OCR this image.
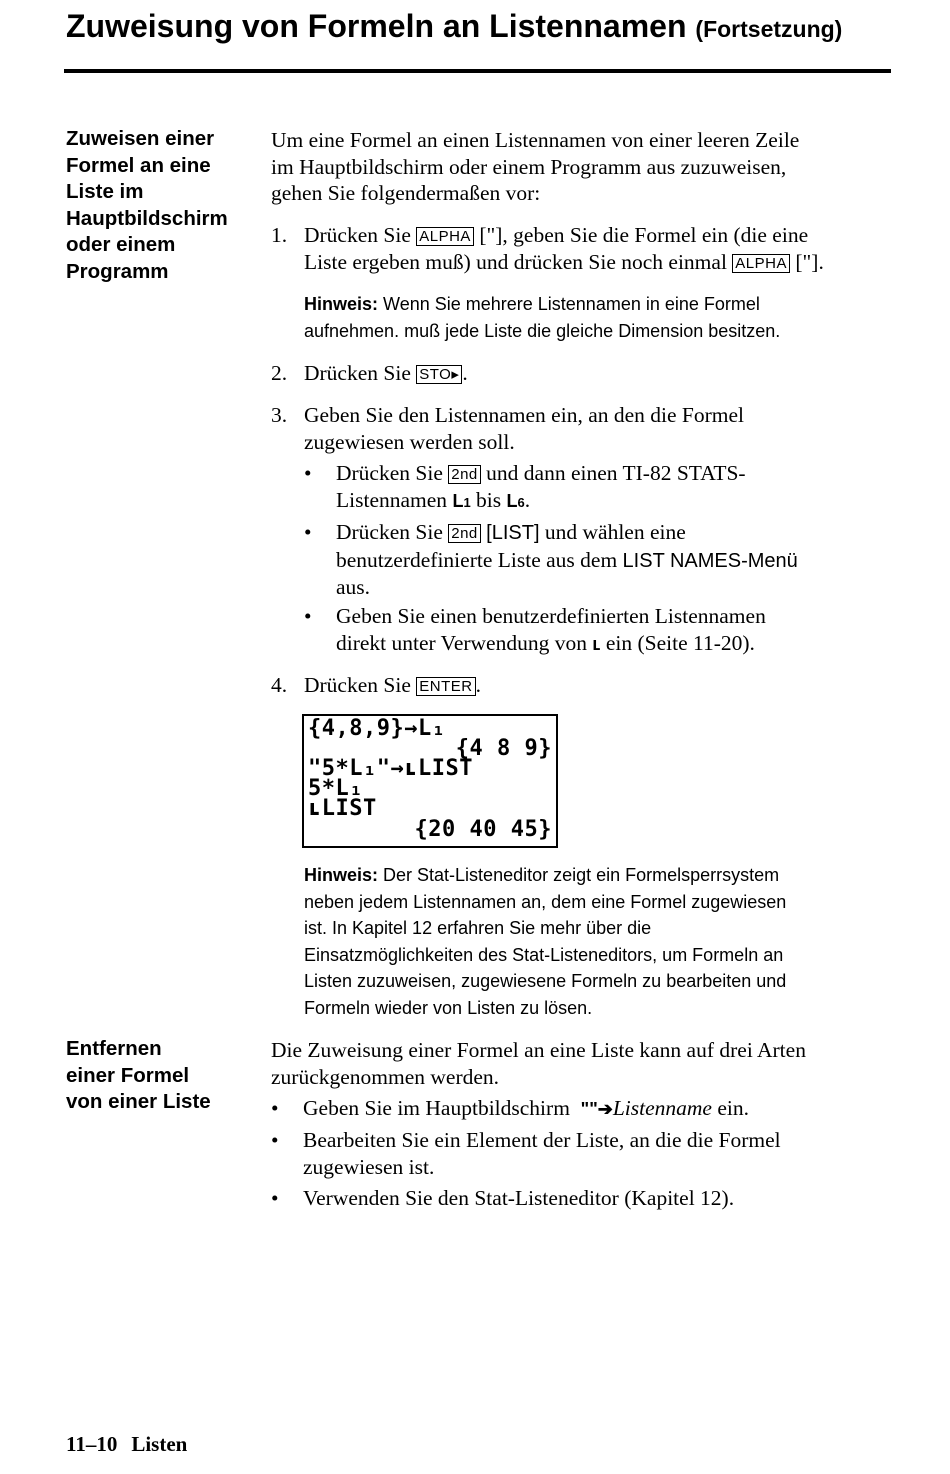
Zuweisung von Formeln an Listennamen (Fortsetzung)
Zuweisen einer
Formel an eine
Liste im
Hauptbildschirm
oder einem
Programm
Um eine Formel an einen Listennamen von einer leeren Zeile
im Hauptbildschirm oder einem Programm aus zuzuweisen,
gehen Sie folgendermaßen vor:
1. Drücken Sie ALPHA ["], geben Sie die Formel ein (die eine
Liste ergeben muß) und drücken Sie noch einmal ALPHA ["].
Hinweis: Wenn Sie mehrere Listennamen in eine Formel
aufnehmen. muß jede Liste die gleiche Dimension besitzen.
2. Drücken Sie STO▸ .
3. Geben Sie den Listennamen ein, an den die Formel
zugewiesen werden soll.
• Drücken Sie 2nd und dann einen TI-82 STATS-
Listennamen L1 bis L6.
• Drücken Sie 2nd [LIST] und wählen eine
benutzerdefinierte Liste aus dem LIST NAMES-Menü
aus.
• Geben Sie einen benutzerdefinierten Listennamen
direkt unter Verwendung von ʟ ein (Seite 11-20).
4. Drücken Sie ENTER .
{4,8,9}→L₁
{4 8 9}
"5*L₁"→ʟLIST
5*L₁
ʟLIST
{20 40 45}
Hinweis: Der Stat-Listeneditor zeigt ein Formelsperrsystem
neben jedem Listennamen an, dem eine Formel zugewiesen
ist. In Kapitel 12 erfahren Sie mehr über die
Einsatzmöglichkeiten des Stat-Listeneditors, um Formeln an
Listen zuzuweisen, zugewiesene Formeln zu bearbeiten und
Formeln wieder von Listen zu lösen.
Entfernen
einer Formel
von einer Liste
Die Zuweisung einer Formel an eine Liste kann auf drei Arten
zurückgenommen werden.
• Geben Sie im Hauptbildschirm ""➔Listenname ein.
• Bearbeiten Sie ein Element der Liste, an die die Formel
zugewiesen ist.
• Verwenden Sie den Stat-Listeneditor (Kapitel 12).
11–10 Listen
